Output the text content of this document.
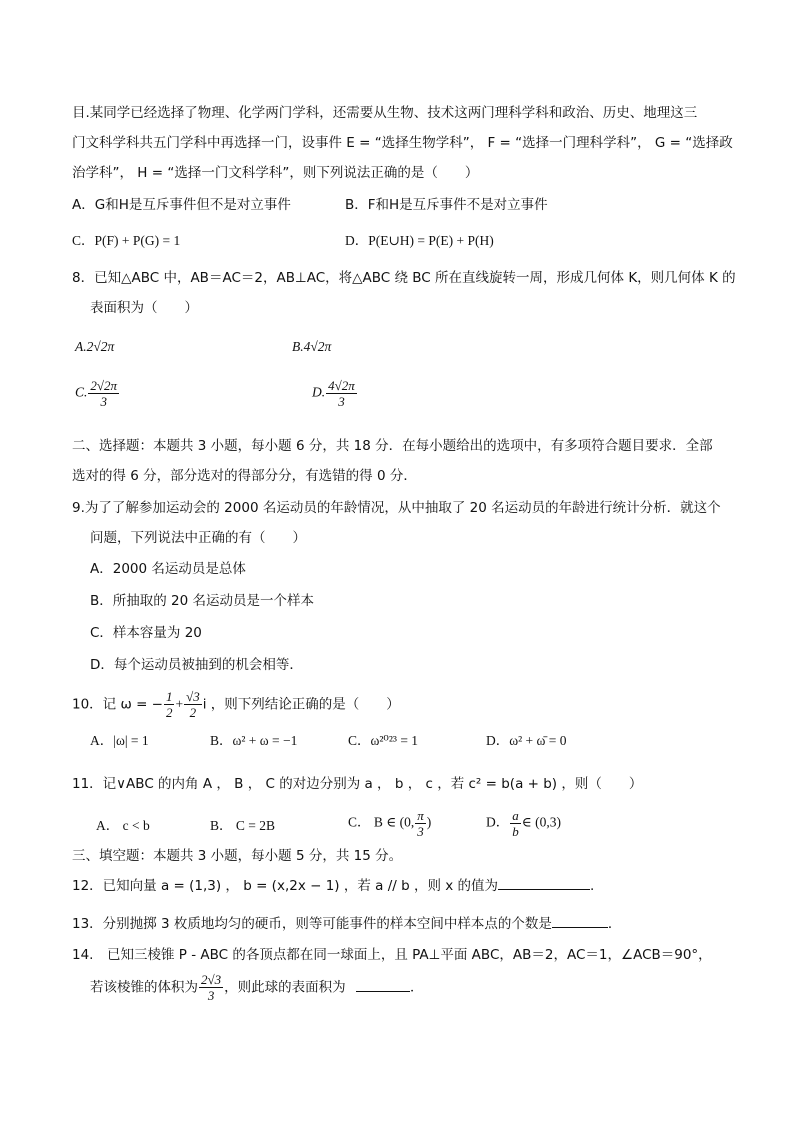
目.某同学已经选择了物理、化学两门学科，还需要从生物、技术这两门理科学科和政治、历史、地理这三
门文科学科共五门学科中再选择一门，设事件 E = “选择生物学科”， F = “选择一门理科学科”， G = “选择政
治学科”， H = “选择一门文科学科”，则下列说法正确的是（　　）
A．G和H是互斥事件但不是对立事件	B．F和H是互斥事件不是对立事件
C．P(F) + P(G) = 1	D．P(E∪H) = P(E) + P(H)
8．已知△ABC 中，AB＝AC＝2，AB⊥AC，将△ABC 绕 BC 所在直线旋转一周，形成几何体 K，则几何体 K 的
表面积为（　　）
A.2√2π	B.4√2π
C. $\frac{2√2\pi}{3}$	D. $\frac{4√2\pi}{3}$
二、选择题：本题共 3 小题，每小题 6 分，共 18 分．在每小题给出的选项中，有多项符合题目要求．全部
选对的得 6 分，部分选对的得部分分，有选错的得 0 分．
9.为了了解参加运动会的 2000 名运动员的年龄情况，从中抽取了 20 名运动员的年龄进行统计分析．就这个
问题，下列说法中正确的有（　　）
A．2000 名运动员是总体
B．所抽取的 20 名运动员是一个样本
C．样本容量为 20
D．每个运动员被抽到的机会相等．
10．记 ω = − $\frac{1}{2} + \frac{√3}{2}$ i ，则下列结论正确的是（　　）
A．|ω| = 1	B．ω² + ω = −1	C．ω²⁰²³ = 1	D．ω² + ω̄ = 0
11．记∨ABC 的内角 A ， B ， C 的对边分别为 a ， b ， c ，若 c² = b(a + b) ，则（　　）
A． c < b	B． C = 2B	C． B ∈ (0, $\frac{\pi}{3}$ )	D． $\frac{a}{b}$ ∈ (0,3)
三、填空题：本题共 3 小题，每小题 5 分，共 15 分。
12．已知向量 a = (1,3) ， b = (x,2x − 1) ，若 a // b ，则 x 的值为	.
13．分别抛掷 3 枚质地均匀的硬币，则等可能事件的样本空间中样本点的个数是	．
14.　已知三棱锥 P - ABC 的各顶点都在同一球面上，且 PA⊥平面 ABC，AB＝2，AC＝1，∠ACB＝90°，
若该棱锥的体积为 $\frac{2√3}{3}$ ，则此球的表面积为	．
